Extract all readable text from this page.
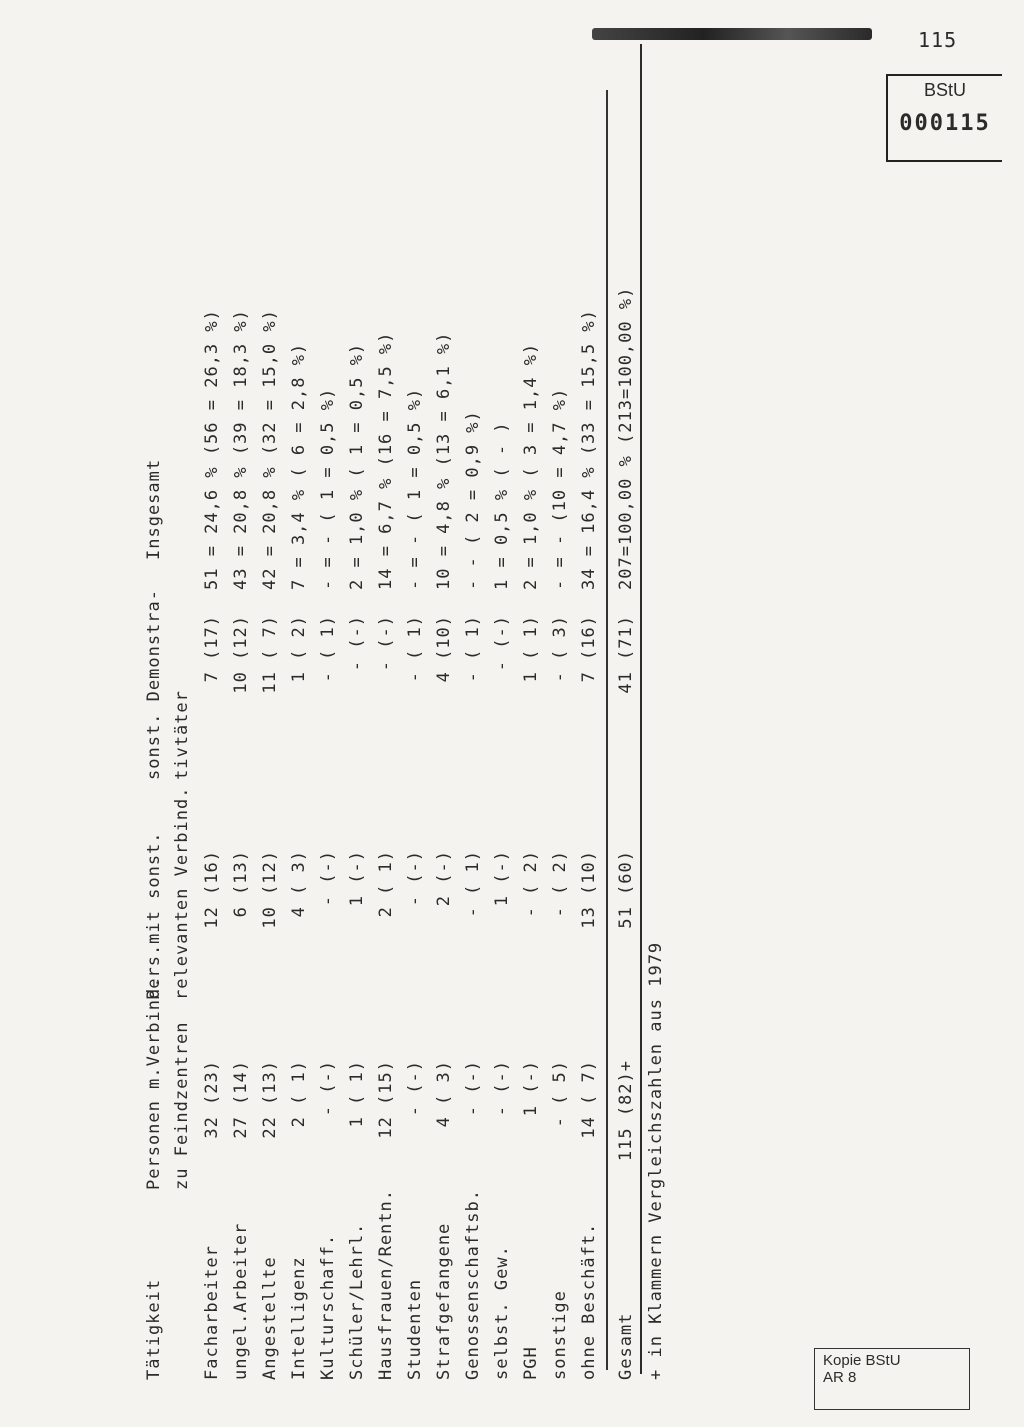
115
BStU
000115
Tätigkeit
Personen m.Verbind. zu Feindzentren
Pers.mit sonst. relevanten Verbind.
sonst. Demonstra- tivtäter
Insgesamt
Facharbeiter
32 (23)
12 (16)
7 (17)
51 = 24,6 % (56 = 26,3 %)
ungel.Arbeiter
27 (14)
6 (13)
10 (12)
43 = 20,8 % (39 = 18,3 %)
Angestellte
22 (13)
10 (12)
11 ( 7)
42 = 20,8 % (32 = 15,0 %)
Intelligenz
2 ( 1)
4 ( 3)
1 ( 2)
7 = 3,4 % ( 6 = 2,8 %)
Kulturschaff.
- (-)
- (-)
- ( 1)
- = - ( 1 = 0,5 %)
Schüler/Lehrl.
1 ( 1)
1 (-)
- (-)
2 = 1,0 % ( 1 = 0,5 %)
Hausfrauen/Rentn.
12 (15)
2 ( 1)
- (-)
14 = 6,7 % (16 = 7,5 %)
Studenten
- (-)
- (-)
- ( 1)
- = - ( 1 = 0,5 %)
Strafgefangene
4 ( 3)
2 (-)
4 (10)
10 = 4,8 % (13 = 6,1 %)
Genossenschaftsb.
- (-)
- ( 1)
- ( 1)
- - ( 2 = 0,9 %)
selbst. Gew.
- (-)
1 (-)
- (-)
1 = 0,5 % ( - )
PGH
1 (-)
- ( 2)
1 ( 1)
2 = 1,0 % ( 3 = 1,4 %)
sonstige
- ( 5)
- ( 2)
- ( 3)
- = - (10 = 4,7 %)
ohne Beschäft.
14 ( 7)
13 (10)
7 (16)
34 = 16,4 % (33 = 15,5 %)
Gesamt
115 (82)+
51 (60)
41 (71)
207=100,00 % (213=100,00 %)
+ in Klammern Vergleichszahlen aus 1979	Kopie BStU
AR 8
